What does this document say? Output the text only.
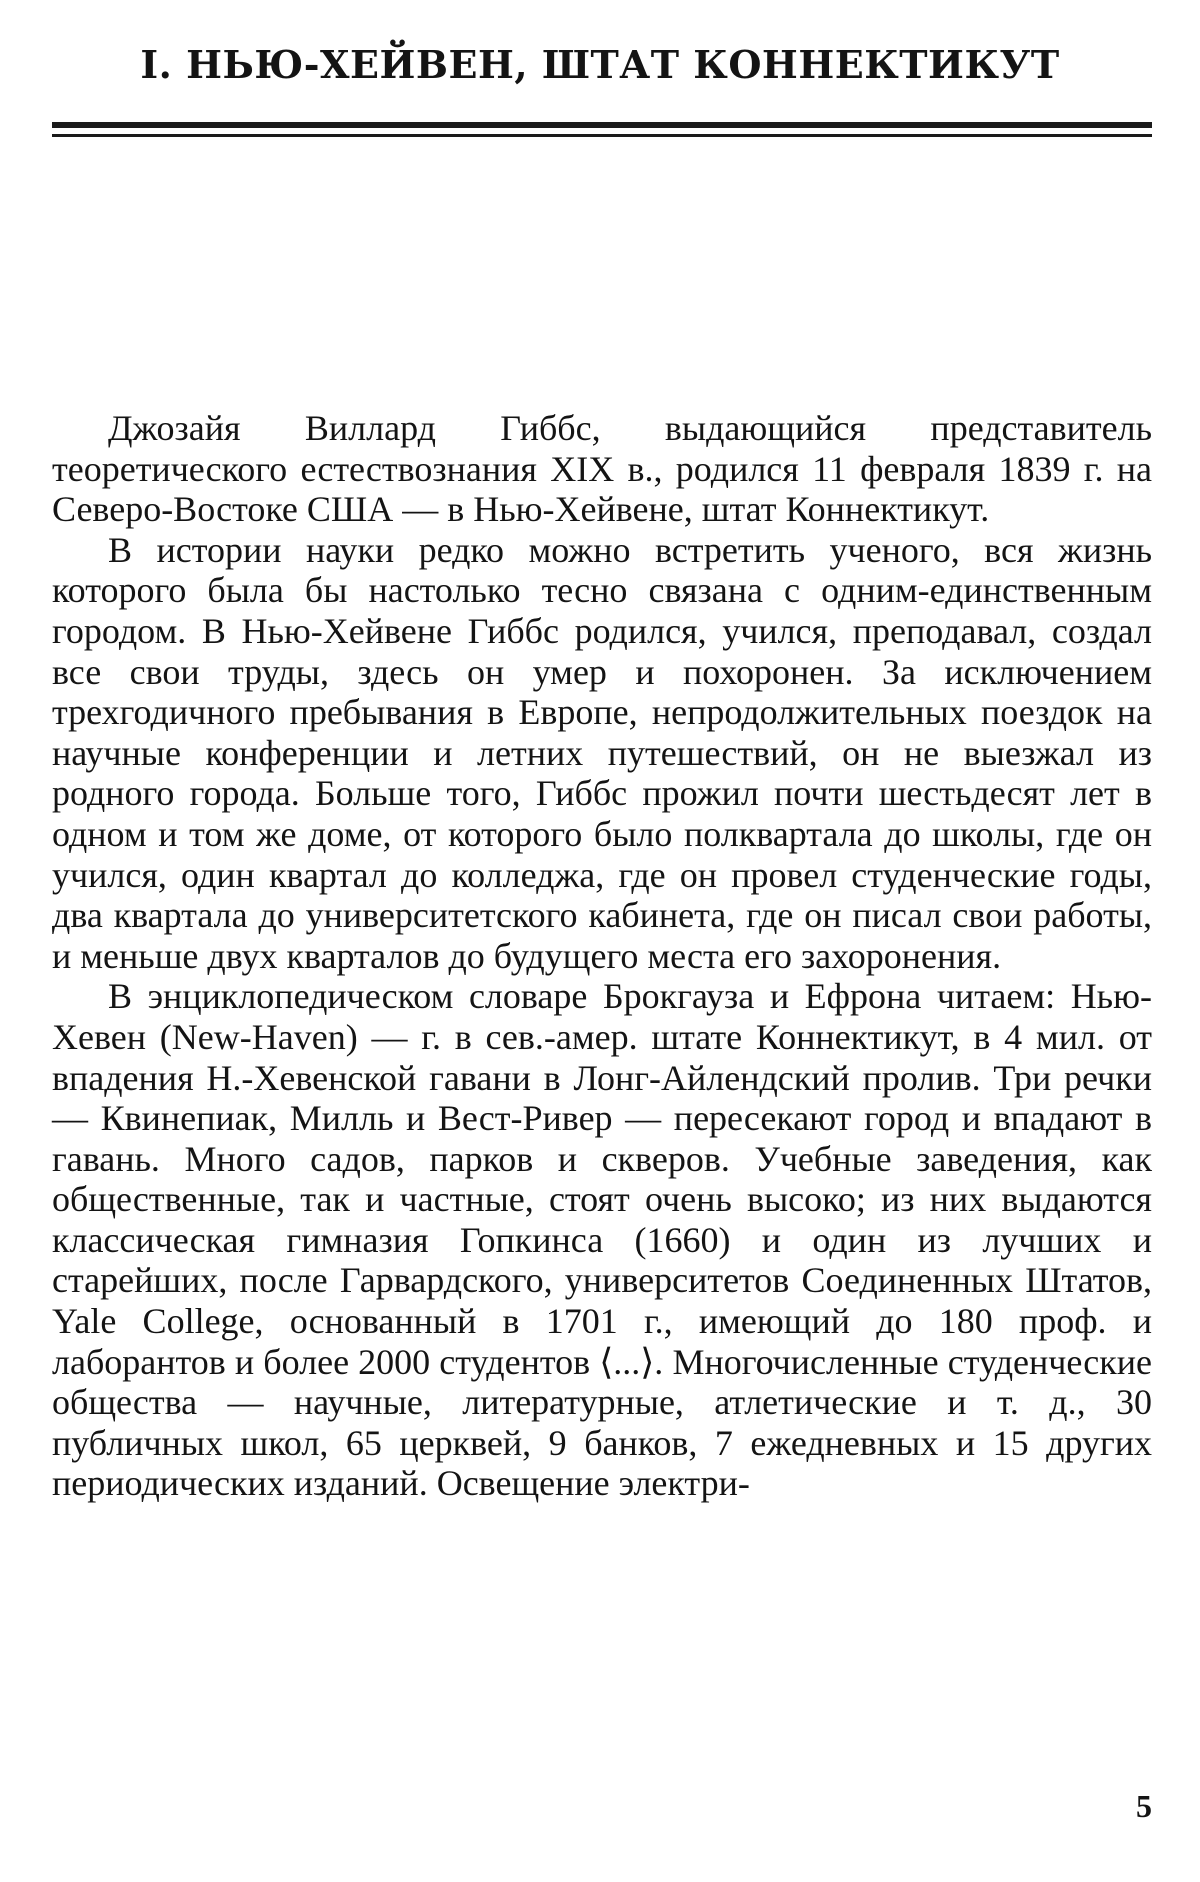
I. НЬЮ-ХЕЙВЕН, ШТАТ КОННЕКТИКУТ

Джозайя Виллард Гиббс, выдающийся представитель теоретического естествознания XIX в., родился 11 февраля 1839 г. на Северо-Востоке США — в Нью-Хейвене, штат Коннектикут.

В истории науки редко можно встретить ученого, вся жизнь которого была бы настолько тесно связана с одним-единственным городом. В Нью-Хейвене Гиббс родился, учился, преподавал, создал все свои труды, здесь он умер и похоронен. За исключением трехгодичного пребывания в Европе, непродолжительных поездок на научные конференции и летних путешествий, он не выезжал из родного города. Больше того, Гиббс прожил почти шестьдесят лет в одном и том же доме, от которого было полквартала до школы, где он учился, один квартал до колледжа, где он провел студенческие годы, два квартала до университетского кабинета, где он писал свои работы, и меньше двух кварталов до будущего места его захоронения.

В энциклопедическом словаре Брокгауза и Ефрона читаем: Нью-Хевен (New-Haven) — г. в сев.-амер. штате Коннектикут, в 4 мил. от впадения Н.-Хевенской гавани в Лонг-Айлендский пролив. Три речки — Квинепиак, Милль и Вест-Ривер — пересекают город и впадают в гавань. Много садов, парков и скверов. Учебные заведения, как общественные, так и частные, стоят очень высоко; из них выдаются классическая гимназия Гопкинса (1660) и один из лучших и старейших, после Гарвардского, университетов Соединенных Штатов, Yale College, основанный в 1701 г., имеющий до 180 проф. и лаборантов и более 2000 студентов ⟨...⟩. Многочисленные студенческие общества — научные, литературные, атлетические и т. д., 30 публичных школ, 65 церквей, 9 банков, 7 ежедневных и 15 других периодических изданий. Освещение электри-

5
